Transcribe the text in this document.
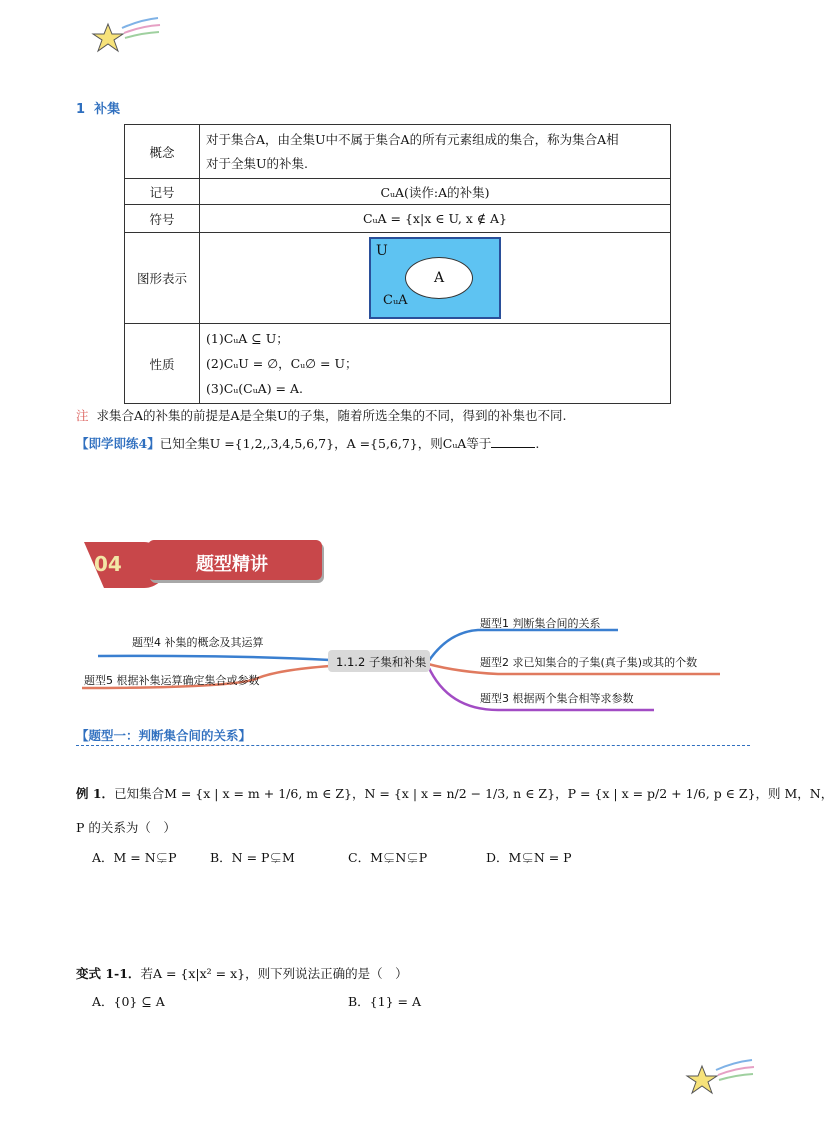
1 补集
概念	对于集合A，由全集U中不属于集合A的所有元素组成的集合，称为集合A相
对于全集U的补集.

记号	CᵤA(读作:A的补集)
符号	CᵤA = {x|x ∈ U, x ∉ A}
图形表示	U
A
CᵤA

性质	(1)CᵤA ⊆ U；
(2)CᵤU = ∅，Cᵤ∅ = U；
(3)Cᵤ(CᵤA) = A.
注 求集合A的补集的前提是A是全集U的子集，随着所选全集的不同，得到的补集也不同.
【即学即练4】已知全集U ={1,2,,3,4,5,6,7}，A ={5,6,7}，则CᵤA等于	.
04	题型精讲
1.1.2 子集和补集
题型1 判断集合间的关系
题型2 求已知集合的子集(真子集)或其的个数
题型3 根据两个集合相等求参数
题型4 补集的概念及其运算
题型5 根据补集运算确定集合或参数
【题型一：判断集合间的关系】
例 1．已知集合M = {x | x = m + 1/6, m ∈ Z}，N = {x | x = n/2 − 1/3, n ∈ Z}，P = {x | x = p/2 + 1/6, p ∈ Z}，则 M，N，
P 的关系为（　）
A．M = N⊊P	B．N = P⊊M	C．M⊊N⊊P	D．M⊊N = P
变式 1-1．若A = {x|x² = x}，则下列说法正确的是（　）
A．{0} ⊆ A	B．{1} = A
